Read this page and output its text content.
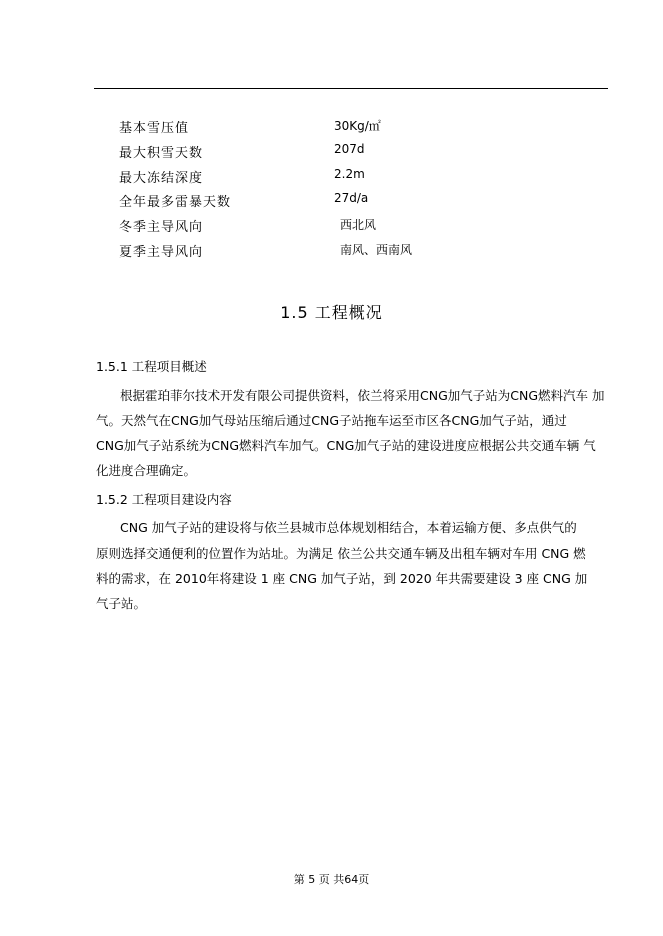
基本雪压值	30Kg/㎡
最大积雪天数	207d
最大冻结深度	2.2m
全年最多雷暴天数	27d/a
冬季主导风向	西北风
夏季主导风向	南风、西南风
1.5 工程概况
1.5.1 工程项目概述
根据霍珀菲尔技术开发有限公司提供资料，依兰将采用CNG加气子站为CNG燃料汽车 加
气。天然气在CNG加气母站压缩后通过CNG子站拖车运至市区各CNG加气子站，通过
CNG加气子站系统为CNG燃料汽车加气。CNG加气子站的建设进度应根据公共交通车辆 气
化进度合理确定。
1.5.2 工程项目建设内容
CNG 加气子站的建设将与依兰县城市总体规划相结合，本着运输方便、多点供气的
原则选择交通便利的位置作为站址。为满足 依兰公共交通车辆及出租车辆对车用 CNG 燃
料的需求，在 2010年将建设 1 座 CNG 加气子站，到 2020 年共需要建设 3 座 CNG 加
气子站。
第 5 页 共64页
